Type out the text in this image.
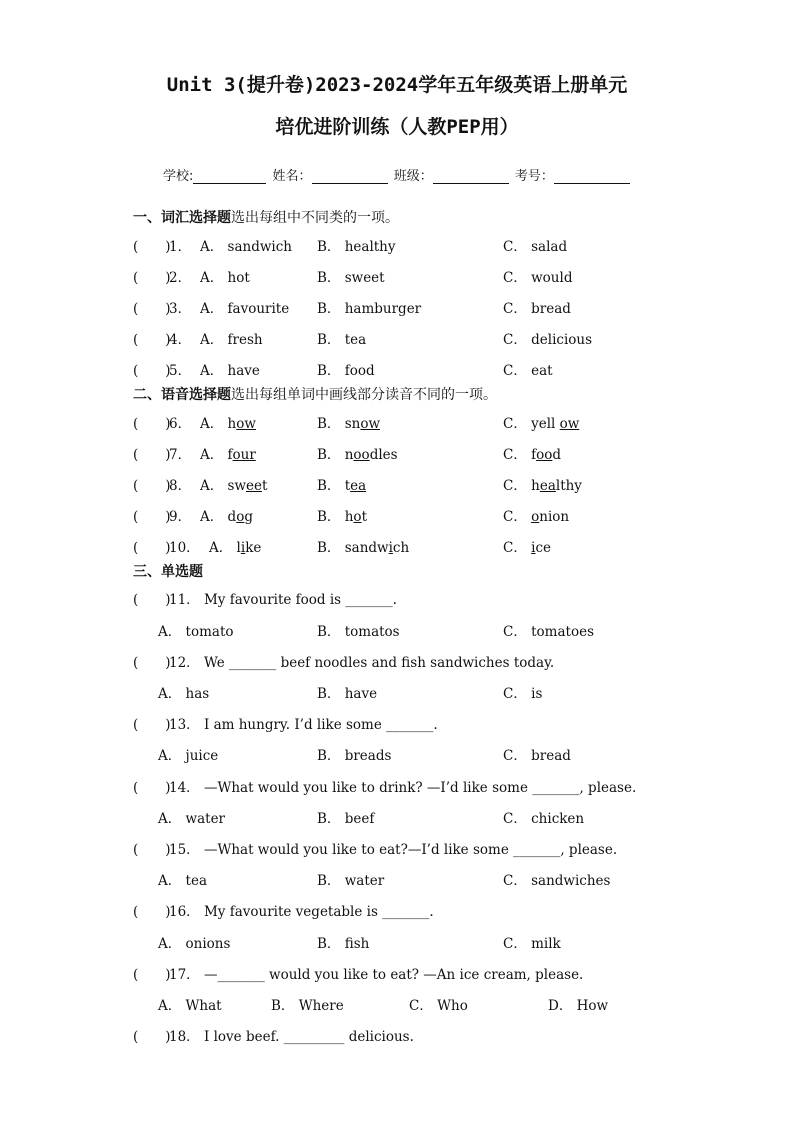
Unit 3(提升卷)2023-2024学年五年级英语上册单元
培优进阶训练（人教PEP用）
学校:	姓名：	班级：	考号：
一、词汇选择题选出每组中不同类的一项。
(　　)
1． A． sandwich B． healthy	C． salad
(　　)
2． A． hot	B． sweet	C． would
(　　)
3． A． favourite B． hamburger	C． bread
(　　)
4． A． fresh	B． tea	C． delicious
(　　)
5． A． have	B． food	C． eat
二、语音选择题选出每组单词中画线部分读音不同的一项。
(　　)
6． A． how	B． snow	C． yell ow
(　　)
7． A． four	B． noodles	C． food
(　　)
8． A． sweet	B． tea	C． healthy
(　　)
9． A． dog	B． hot	C． onion
(　　)
10． A． like	B． sandwich	C． ice
三、单选题
(　　)
11． My favourite food is _______.
A． tomato	B． tomatos	C． tomatoes
(　　)
12． We _______ beef noodles and fish sandwiches today.
A． has	B． have	C． is
(　　)
13． I am hungry. I’d like some _______.
A． juice	B． breads	C． bread
(　　)
14． —What would you like to drink? —I’d like some _______, please.
A． water	B． beef	C． chicken
(　　)
15． —What would you like to eat?—I’d like some _______, please.
A． tea	B． water	C． sandwiches
(　　)
16． My favourite vegetable is _______.
A． onions	B． fish	C． milk
(　　)
17． —_______ would you like to eat? —An ice cream, please.
A． What	B． Where	C． Who	D． How
(　　)
18． I love beef. _________ delicious.
